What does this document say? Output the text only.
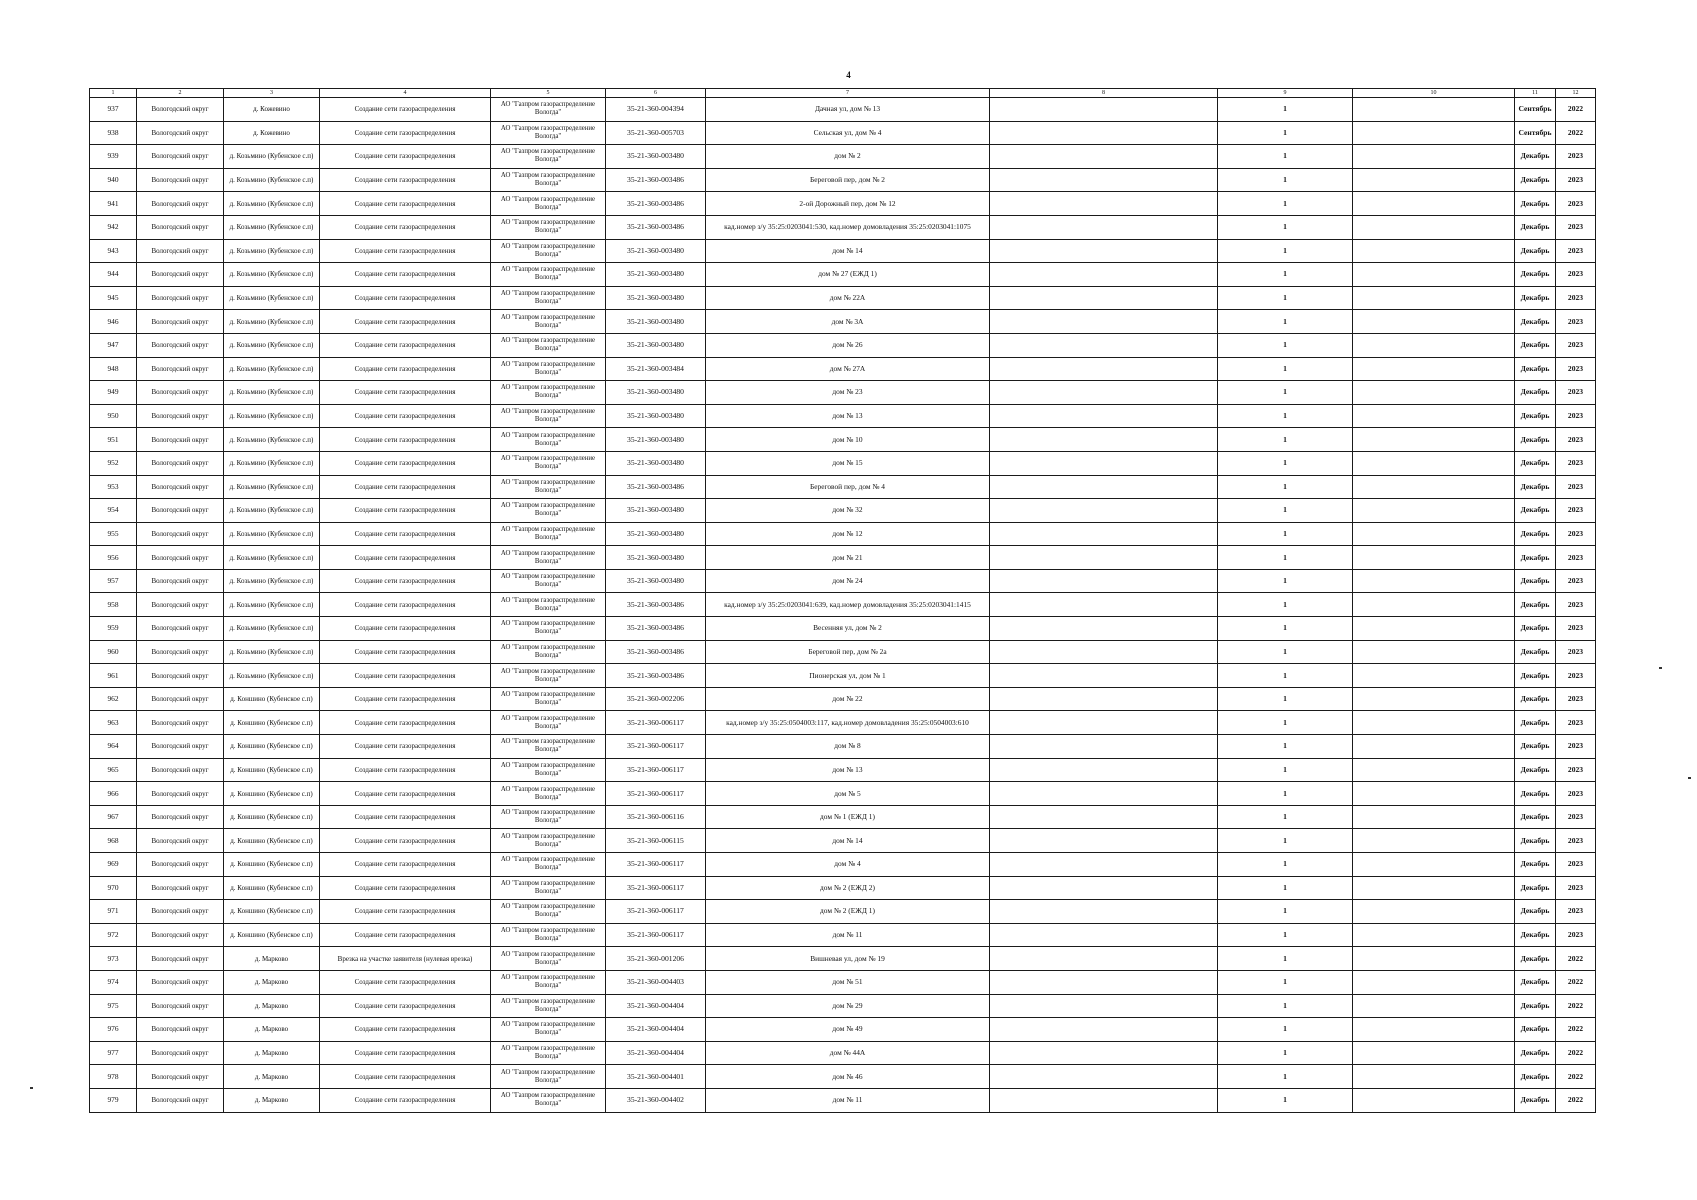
4
1	2	3	4	5	6	7	8	9	10	11	12
937	Вологодский округ	д. Кожевино	Создание сети газораспределения	АО "Газпром газораспределение Вологда"	35-21-360-004394	Дачная ул, дом № 13		1		Сентябрь	2022
938	Вологодский округ	д. Кожевино	Создание сети газораспределения	АО "Газпром газораспределение Вологда"	35-21-360-005703	Сельская ул, дом № 4		1		Сентябрь	2022
939	Вологодский округ	д. Козьмино (Кубенское с.п)	Создание сети газораспределения	АО "Газпром газораспределение Вологда"	35-21-360-003480	дом № 2		1		Декабрь	2023
940	Вологодский округ	д. Козьмино (Кубенское с.п)	Создание сети газораспределения	АО "Газпром газораспределение Вологда"	35-21-360-003486	Береговой пер, дом № 2		1		Декабрь	2023
941	Вологодский округ	д. Козьмино (Кубенское с.п)	Создание сети газораспределения	АО "Газпром газораспределение Вологда"	35-21-360-003486	2-ой Дорожный пер, дом № 12		1		Декабрь	2023
942	Вологодский округ	д. Козьмино (Кубенское с.п)	Создание сети газораспределения	АО "Газпром газораспределение Вологда"	35-21-360-003486	кад.номер з/у 35:25:0203041:530, кад.номер домовладения 35:25:0203041:1075		1		Декабрь	2023
943	Вологодский округ	д. Козьмино (Кубенское с.п)	Создание сети газораспределения	АО "Газпром газораспределение Вологда"	35-21-360-003480	дом № 14		1		Декабрь	2023
944	Вологодский округ	д. Козьмино (Кубенское с.п)	Создание сети газораспределения	АО "Газпром газораспределение Вологда"	35-21-360-003480	дом № 27 (ЕЖД 1)		1		Декабрь	2023
945	Вологодский округ	д. Козьмино (Кубенское с.п)	Создание сети газораспределения	АО "Газпром газораспределение Вологда"	35-21-360-003480	дом № 22А		1		Декабрь	2023
946	Вологодский округ	д. Козьмино (Кубенское с.п)	Создание сети газораспределения	АО "Газпром газораспределение Вологда"	35-21-360-003480	дом № 3А		1		Декабрь	2023
947	Вологодский округ	д. Козьмино (Кубенское с.п)	Создание сети газораспределения	АО "Газпром газораспределение Вологда"	35-21-360-003480	дом № 26		1		Декабрь	2023
948	Вологодский округ	д. Козьмино (Кубенское с.п)	Создание сети газораспределения	АО "Газпром газораспределение Вологда"	35-21-360-003484	дом № 27А		1		Декабрь	2023
949	Вологодский округ	д. Козьмино (Кубенское с.п)	Создание сети газораспределения	АО "Газпром газораспределение Вологда"	35-21-360-003480	дом № 23		1		Декабрь	2023
950	Вологодский округ	д. Козьмино (Кубенское с.п)	Создание сети газораспределения	АО "Газпром газораспределение Вологда"	35-21-360-003480	дом № 13		1		Декабрь	2023
951	Вологодский округ	д. Козьмино (Кубенское с.п)	Создание сети газораспределения	АО "Газпром газораспределение Вологда"	35-21-360-003480	дом № 10		1		Декабрь	2023
952	Вологодский округ	д. Козьмино (Кубенское с.п)	Создание сети газораспределения	АО "Газпром газораспределение Вологда"	35-21-360-003480	дом № 15		1		Декабрь	2023
953	Вологодский округ	д. Козьмино (Кубенское с.п)	Создание сети газораспределения	АО "Газпром газораспределение Вологда"	35-21-360-003486	Береговой пер, дом № 4		1		Декабрь	2023
954	Вологодский округ	д. Козьмино (Кубенское с.п)	Создание сети газораспределения	АО "Газпром газораспределение Вологда"	35-21-360-003480	дом № 32		1		Декабрь	2023
955	Вологодский округ	д. Козьмино (Кубенское с.п)	Создание сети газораспределения	АО "Газпром газораспределение Вологда"	35-21-360-003480	дом № 12		1		Декабрь	2023
956	Вологодский округ	д. Козьмино (Кубенское с.п)	Создание сети газораспределения	АО "Газпром газораспределение Вологда"	35-21-360-003480	дом № 21		1		Декабрь	2023
957	Вологодский округ	д. Козьмино (Кубенское с.п)	Создание сети газораспределения	АО "Газпром газораспределение Вологда"	35-21-360-003480	дом № 24		1		Декабрь	2023
958	Вологодский округ	д. Козьмино (Кубенское с.п)	Создание сети газораспределения	АО "Газпром газораспределение Вологда"	35-21-360-003486	кад.номер з/у 35:25:0203041:639, кад.номер домовладения 35:25:0203041:1415		1		Декабрь	2023
959	Вологодский округ	д. Козьмино (Кубенское с.п)	Создание сети газораспределения	АО "Газпром газораспределение Вологда"	35-21-360-003486	Весенняя ул, дом № 2		1		Декабрь	2023
960	Вологодский округ	д. Козьмино (Кубенское с.п)	Создание сети газораспределения	АО "Газпром газораспределение Вологда"	35-21-360-003486	Береговой пер, дом № 2а		1		Декабрь	2023
961	Вологодский округ	д. Козьмино (Кубенское с.п)	Создание сети газораспределения	АО "Газпром газораспределение Вологда"	35-21-360-003486	Пионерская ул, дом № 1		1		Декабрь	2023
962	Вологодский округ	д. Коншино (Кубенское с.п)	Создание сети газораспределения	АО "Газпром газораспределение Вологда"	35-21-360-002206	дом № 22		1		Декабрь	2023
963	Вологодский округ	д. Коншино (Кубенское с.п)	Создание сети газораспределения	АО "Газпром газораспределение Вологда"	35-21-360-006117	кад.номер з/у 35:25:0504003:117, кад.номер домовладения 35:25:0504003:610		1		Декабрь	2023
964	Вологодский округ	д. Коншино (Кубенское с.п)	Создание сети газораспределения	АО "Газпром газораспределение Вологда"	35-21-360-006117	дом № 8		1		Декабрь	2023
965	Вологодский округ	д. Коншино (Кубенское с.п)	Создание сети газораспределения	АО "Газпром газораспределение Вологда"	35-21-360-006117	дом № 13		1		Декабрь	2023
966	Вологодский округ	д. Коншино (Кубенское с.п)	Создание сети газораспределения	АО "Газпром газораспределение Вологда"	35-21-360-006117	дом № 5		1		Декабрь	2023
967	Вологодский округ	д. Коншино (Кубенское с.п)	Создание сети газораспределения	АО "Газпром газораспределение Вологда"	35-21-360-006116	дом № 1 (ЕЖД 1)		1		Декабрь	2023
968	Вологодский округ	д. Коншино (Кубенское с.п)	Создание сети газораспределения	АО "Газпром газораспределение Вологда"	35-21-360-006115	дом № 14		1		Декабрь	2023
969	Вологодский округ	д. Коншино (Кубенское с.п)	Создание сети газораспределения	АО "Газпром газораспределение Вологда"	35-21-360-006117	дом № 4		1		Декабрь	2023
970	Вологодский округ	д. Коншино (Кубенское с.п)	Создание сети газораспределения	АО "Газпром газораспределение Вологда"	35-21-360-006117	дом № 2 (ЕЖД 2)		1		Декабрь	2023
971	Вологодский округ	д. Коншино (Кубенское с.п)	Создание сети газораспределения	АО "Газпром газораспределение Вологда"	35-21-360-006117	дом № 2 (ЕЖД 1)		1		Декабрь	2023
972	Вологодский округ	д. Коншино (Кубенское с.п)	Создание сети газораспределения	АО "Газпром газораспределение Вологда"	35-21-360-006117	дом № 11		1		Декабрь	2023
973	Вологодский округ	д. Марково	Врезка на участке заявителя (нулевая врезка)	АО "Газпром газораспределение Вологда"	35-21-360-001206	Вишневая ул, дом № 19		1		Декабрь	2022
974	Вологодский округ	д. Марково	Создание сети газораспределения	АО "Газпром газораспределение Вологда"	35-21-360-004403	дом № 51		1		Декабрь	2022
975	Вологодский округ	д. Марково	Создание сети газораспределения	АО "Газпром газораспределение Вологда"	35-21-360-004404	дом № 29		1		Декабрь	2022
976	Вологодский округ	д. Марково	Создание сети газораспределения	АО "Газпром газораспределение Вологда"	35-21-360-004404	дом № 49		1		Декабрь	2022
977	Вологодский округ	д. Марково	Создание сети газораспределения	АО "Газпром газораспределение Вологда"	35-21-360-004404	дом № 44А		1		Декабрь	2022
978	Вологодский округ	д. Марково	Создание сети газораспределения	АО "Газпром газораспределение Вологда"	35-21-360-004401	дом № 46		1		Декабрь	2022
979	Вологодский округ	д. Марково	Создание сети газораспределения	АО "Газпром газораспределение Вологда"	35-21-360-004402	дом № 11		1		Декабрь	2022
